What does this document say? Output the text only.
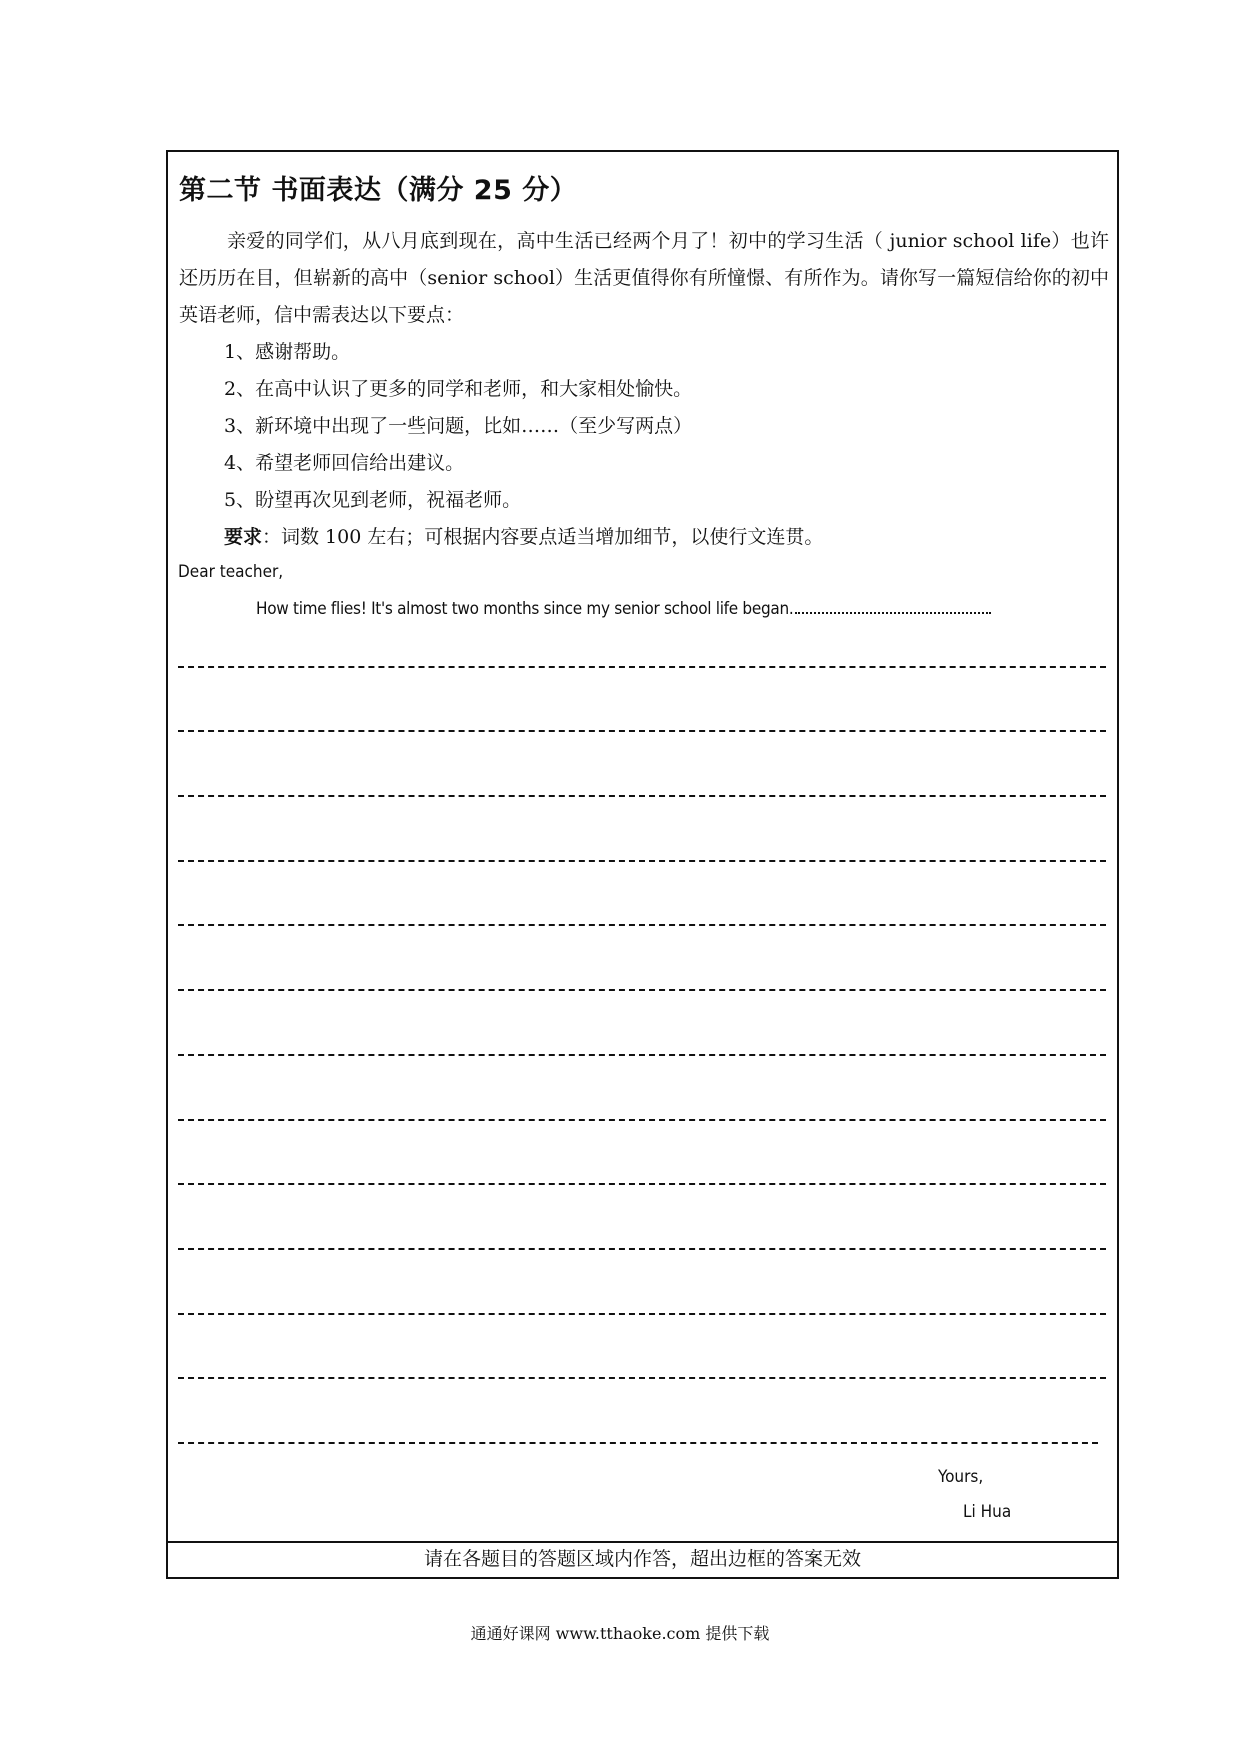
第二节 书面表达（满分 25 分）

亲爱的同学们，从八月底到现在，高中生活已经两个月了！初中的学习生活（ junior school life）也许还历历在目，但崭新的高中（senior school）生活更值得你有所憧憬、有所作为。请你写一篇短信给你的初中英语老师，信中需表达以下要点：

1、感谢帮助。
2、在高中认识了更多的同学和老师，和大家相处愉快。
3、新环境中出现了一些问题，比如……（至少写两点）
4、希望老师回信给出建议。
5、盼望再次见到老师，祝福老师。

要求：词数 100 左右；可根据内容要点适当增加细节，以使行文连贯。

Dear teacher,

How time flies! It's almost two months since my senior school life began.

Yours,

Li Hua

请在各题目的答题区域内作答，超出边框的答案无效

通通好课网 www.tthaoke.com 提供下载
